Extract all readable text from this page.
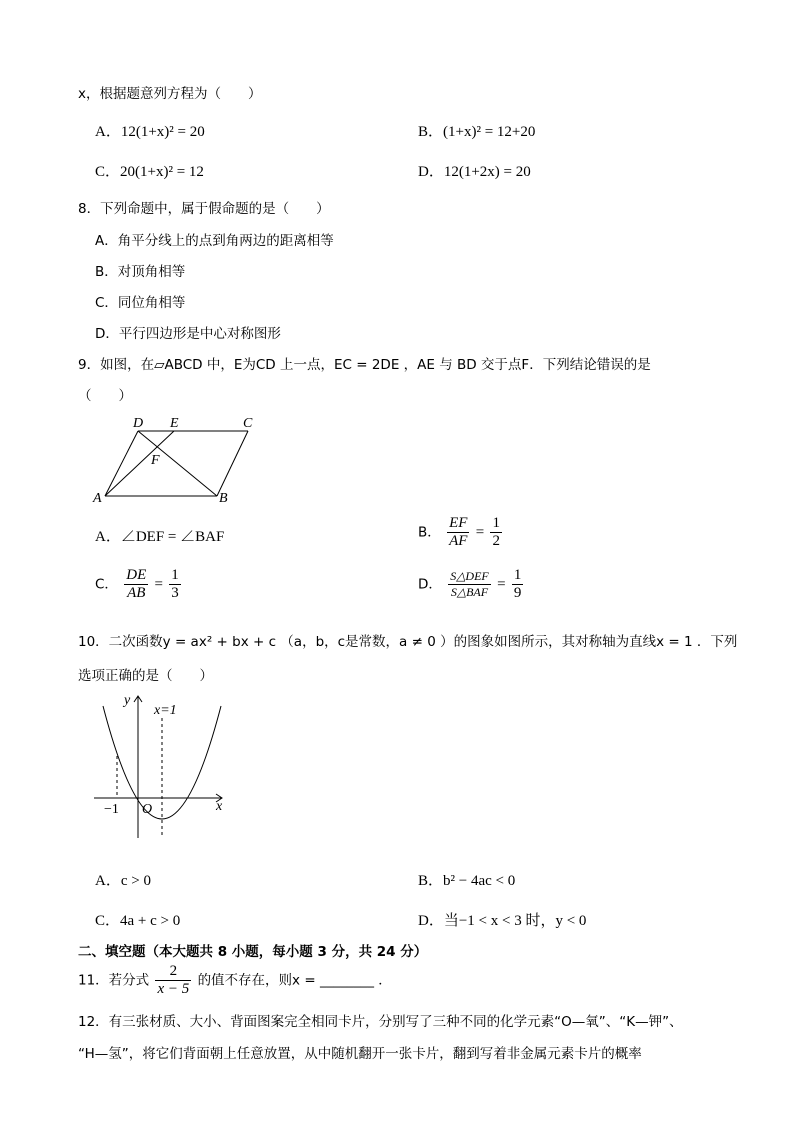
x，根据题意列方程为（　　）
A．12(1+x)² = 20	B．(1+x)² = 12+20
C．20(1+x)² = 12	D．12(1+2x) = 20
8．下列命题中，属于假命题的是（　　）
A．角平分线上的点到角两边的距离相等
B．对顶角相等
C．同位角相等
D．平行四边形是中心对称图形
9．如图，在▱ABCD 中，E为CD 上一点，EC = 2DE ，AE 与 BD 交于点F．下列结论错误的是
（　　）
D E	C
F
A	B
A．∠DEF = ∠BAF	B． $\frac{EF}{AF} = \frac{1}{2}$
C． $\frac{DE}{AB} = \frac{1}{3}$	D． $\frac{\text{S△DEF}}{\text{S△BAF}} = \frac{1}{9}$
10．二次函数y = ax² + bx + c （a，b，c是常数，a ≠ 0 ）的图象如图所示，其对称轴为直线x = 1 ．下列
选项正确的是（　　）
y
x=1
−1 O	x
A．c > 0	B．b² − 4ac < 0
C．4a + c > 0	D．当−1 < x < 3 时，y < 0
二、填空题（本大题共 8 小题，每小题 3 分，共 24 分）
11．若分式 $\frac{2}{x - 5}$ 的值不存在，则x = ________ ．
12．有三张材质、大小、背面图案完全相同卡片，分别写了三种不同的化学元素“O—氧”、“K—钾”、
“H—氢”，将它们背面朝上任意放置，从中随机翻开一张卡片，翻到写着非金属元素卡片的概率
